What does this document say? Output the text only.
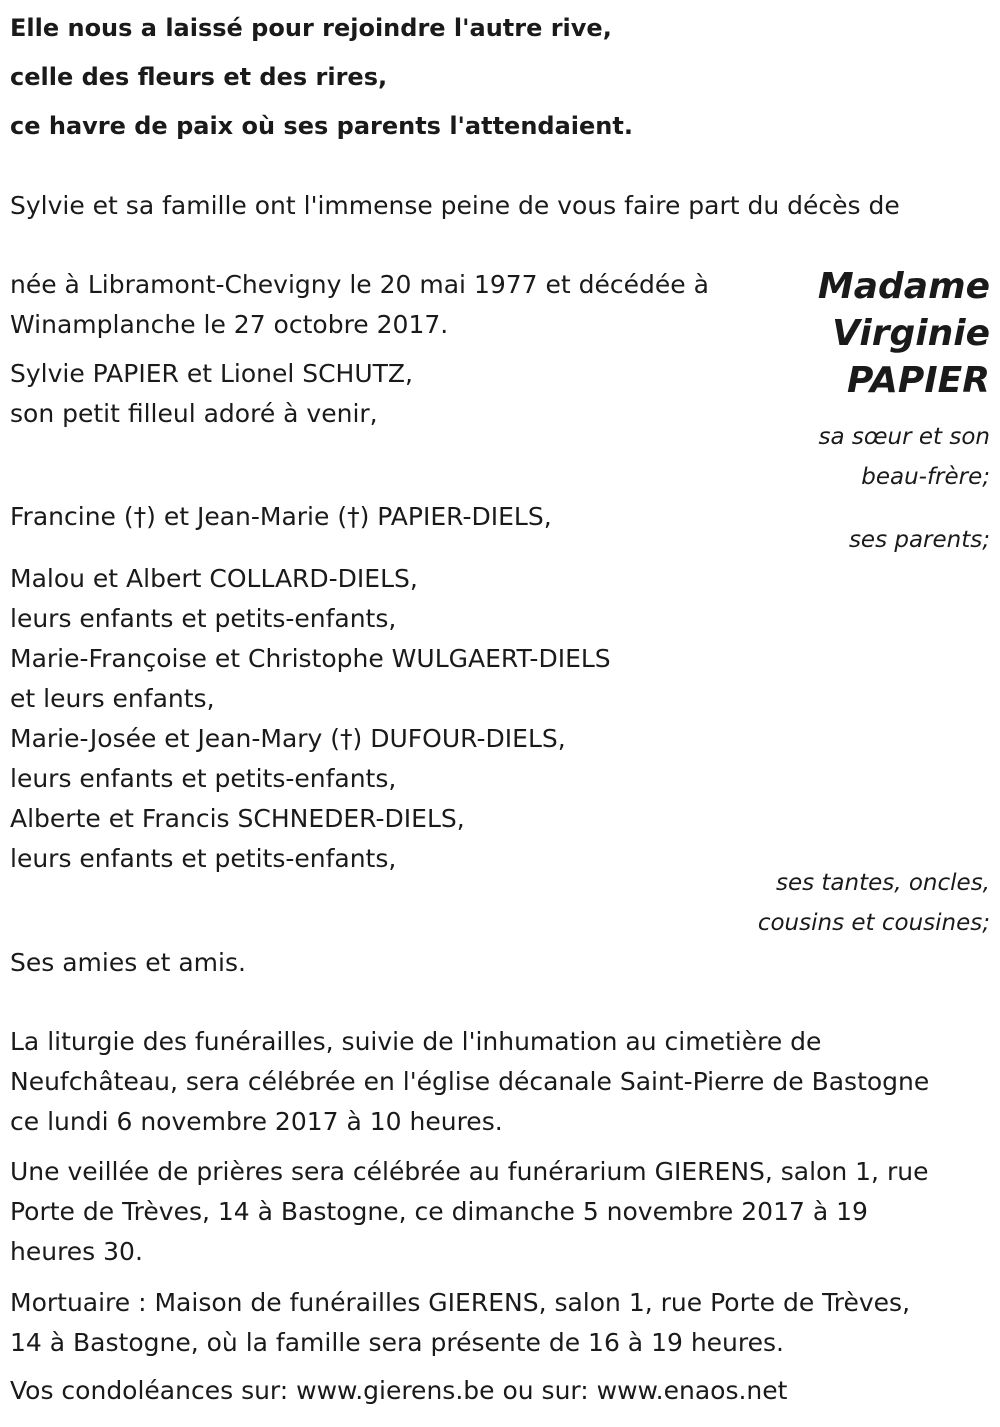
Elle nous a laissé pour rejoindre l'autre rive,
celle des fleurs et des rires,
ce havre de paix où ses parents l'attendaient.
Sylvie et sa famille ont l'immense peine de vous faire part du décès de
Madame
Virginie
PAPIER
née à Libramont-Chevigny le 20 mai 1977 et décédée à
Winamplanche le 27 octobre 2017.
Sylvie PAPIER et Lionel SCHUTZ,
son petit filleul adoré à venir,
sa sœur et son
beau-frère;
Francine (†) et Jean-Marie (†) PAPIER-DIELS,
ses parents;
Malou et Albert COLLARD-DIELS,
leurs enfants et petits-enfants,
Marie-Françoise et Christophe WULGAERT-DIELS
et leurs enfants,
Marie-Josée et Jean-Mary (†) DUFOUR-DIELS,
leurs enfants et petits-enfants,
Alberte et Francis SCHNEDER-DIELS,
leurs enfants et petits-enfants,
ses tantes, oncles,
cousins et cousines;
Ses amies et amis.
La liturgie des funérailles, suivie de l'inhumation au cimetière de
Neufchâteau, sera célébrée en l'église décanale Saint-Pierre de Bastogne
ce lundi 6 novembre 2017 à 10 heures.
Une veillée de prières sera célébrée au funérarium GIERENS, salon 1, rue
Porte de Trèves, 14 à Bastogne, ce dimanche 5 novembre 2017 à 19
heures 30.
Mortuaire : Maison de funérailles GIERENS, salon 1, rue Porte de Trèves,
14 à Bastogne, où la famille sera présente de 16 à 19 heures.
Vos condoléances sur: www.gierens.be ou sur: www.enaos.net
